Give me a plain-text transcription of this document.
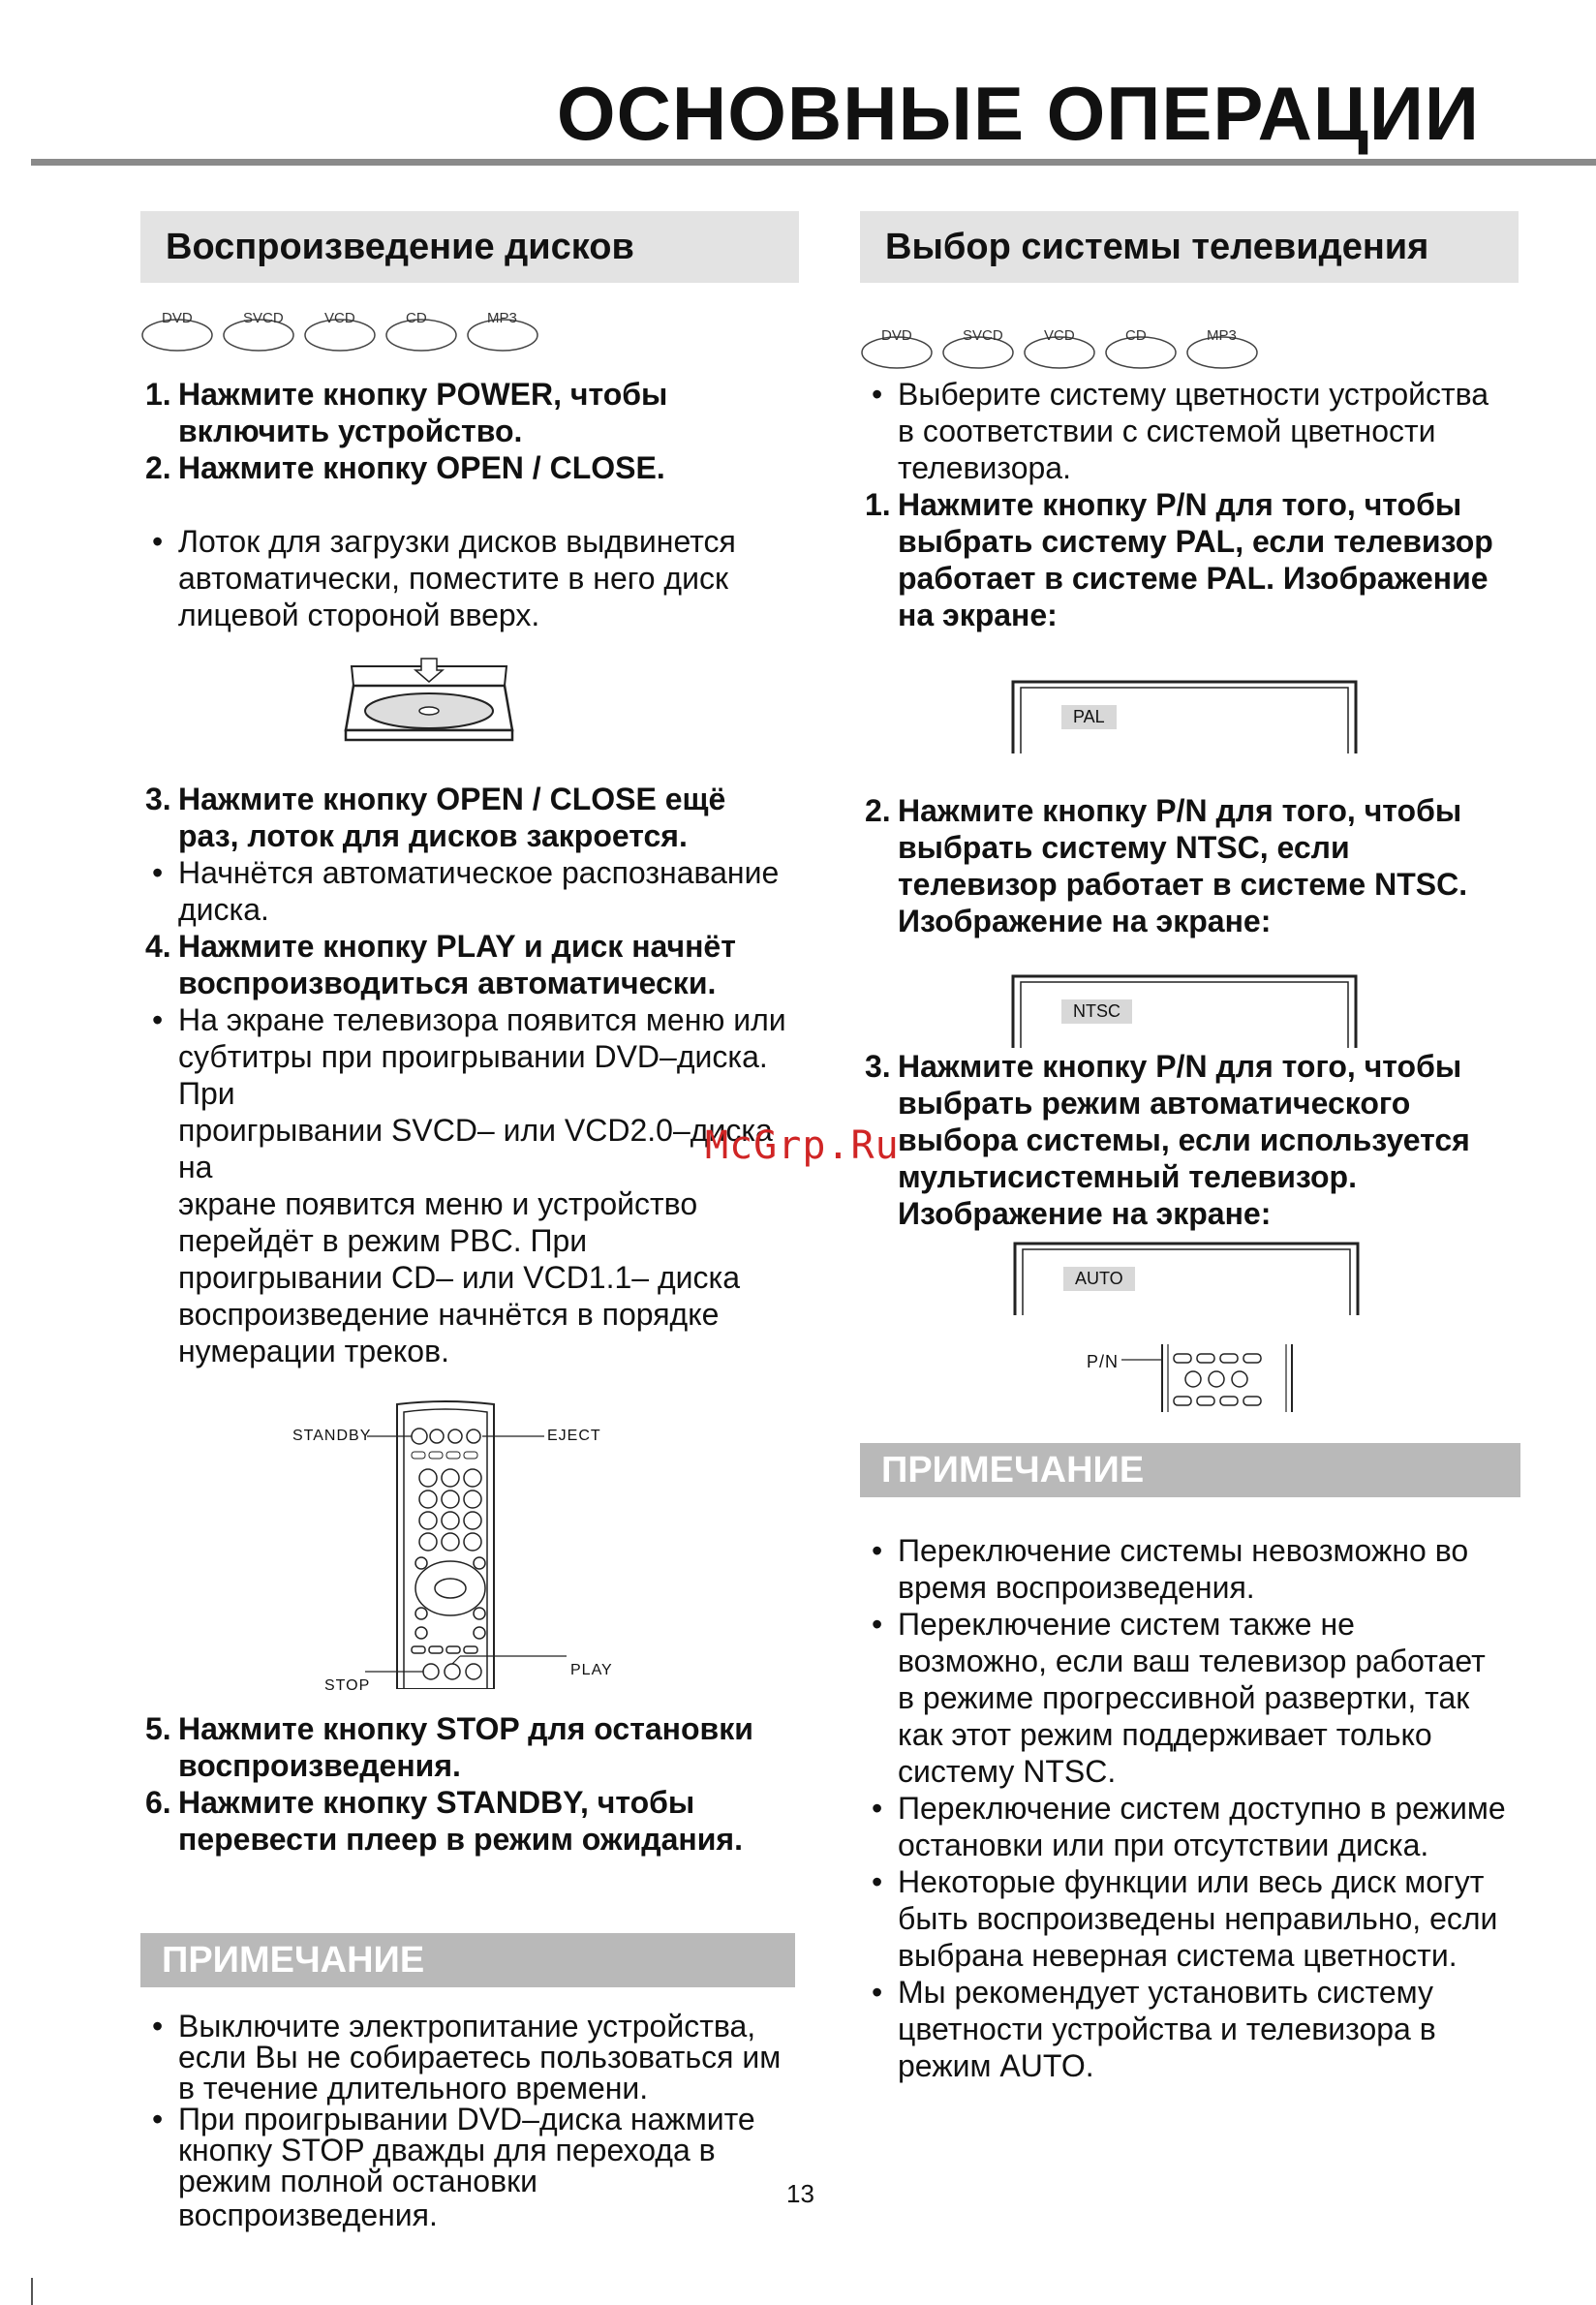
ОСНОВНЫЕ ОПЕРАЦИИ
Воспроизведение дисков
DVD	SVCD	VCD	CD	MP3
1. Нажмите кнопку POWER, чтобы
включить устройство.
2. Нажмите кнопку OPEN / CLOSE.
• Лоток для загрузки дисков выдвинется
автоматически, поместите в него диск
лицевой стороной вверх.
3. Нажмите кнопку OPEN / CLOSE ещё
раз, лоток для дисков закроется.
• Начнётся автоматическое распознавание
диска.
4. Нажмите кнопку PLAY и диск начнёт
воспроизводиться автоматически.
• На экране телевизора появится меню или
субтитры при проигрывании DVD–диска. При
проигрывании SVCD– или VCD2.0–диска на
экране появится меню и устройство
перейдёт в режим PBC. При
проигрывании CD– или VCD1.1– диска
воспроизведение начнётся в порядке
нумерации треков.
STANDBY	EJECT
STOP
PLAY
5. Нажмите кнопку STOP для остановки
воспроизведения.
6. Нажмите кнопку STANDBY, чтобы
перевести плеер в режим ожидания.
ПРИМЕЧАНИЕ
• Выключите электропитание устройства,
если Вы не собираетесь пользоваться им
в течение длительного времени.
• При проигрывании DVD–диска нажмите
кнопку STOP дважды для перехода в
режим полной остановки
воспроизведения.
Выбор системы телевидения
DVD	SVCD	VCD	CD	MP3
• Выберите систему цветности устройства
в соответствии с системой цветности
телевизора.
1. Нажмите кнопку P/N для того, чтобы
выбрать систему PAL, если телевизор
работает в системе PAL. Изображение
на экране:
PAL
2. Нажмите кнопку P/N для того, чтобы
выбрать систему NTSC, если
телевизор работает в системе NTSC.
Изображение на экране:
NTSC
3. Нажмите кнопку P/N для того, чтобы
выбрать режим автоматического
выбора системы, если используется
мультисистемный телевизор.
Изображение на экране:
AUTO
P/N
ПРИМЕЧАНИЕ
• Переключение системы невозможно во
время воспроизведения.
• Переключение систем также не
возможно, если ваш телевизор работает
в режиме прогрессивной развертки, так
как этот режим поддерживает только
систему NTSC.
• Переключение систем доступно в режиме
остановки или при отсутствии диска.
• Некоторые функции или весь диск могут
быть воспроизведены неправильно, если
выбрана неверная система цветности.
• Мы рекомендует установить систему
цветности устройства и телевизора в
режим AUTO.
McGrp.Ru
13
